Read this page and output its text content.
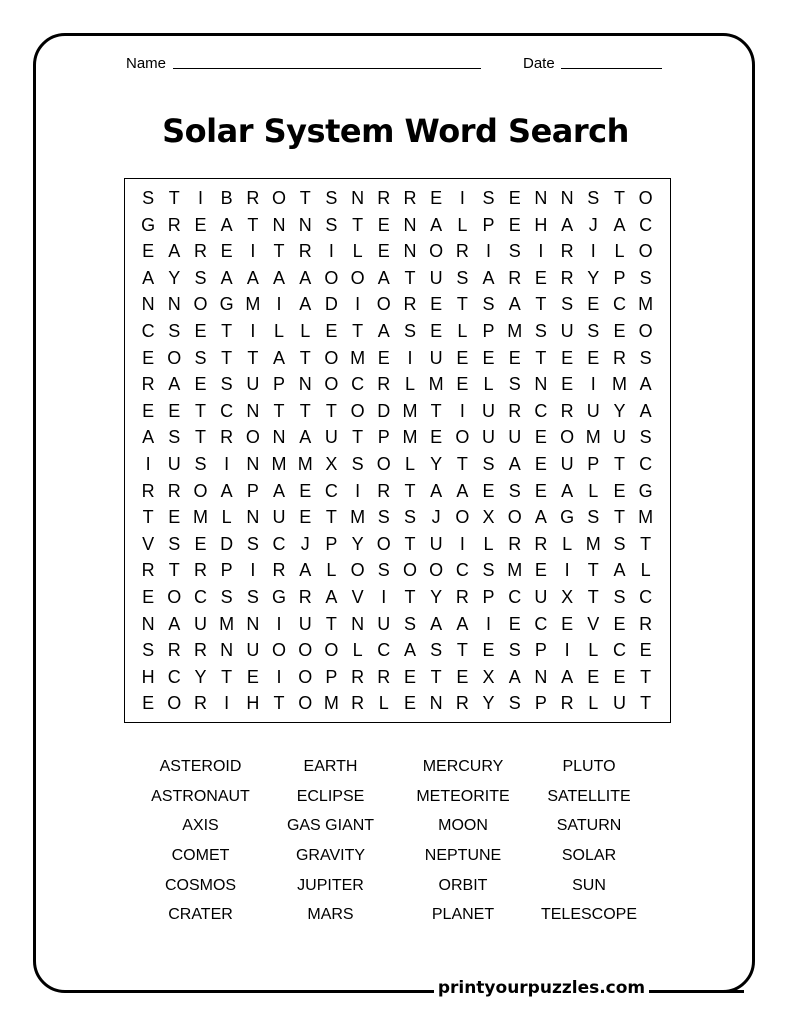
Name	Date
Solar System Word Search
S T	I B R O T S N R R E I S E N N S T O
G R E A T N N S T E N A L P E H A J A C
E A R E I	T R I	L E N O R I S I R I	L O
A Y S A A A A O O A T U S A R E R Y P S
N N O G M I A D I O R E T S A T S E C M
C S E T	I	L L E T A S E L P M S U S E O
E O S T T A T O M E I U E E E T E E R S
R A E S U P N O C R L M E L S N E I M A
E E T C N T T T O D M T	I U R C R U Y A
A S T R O N A U T P M E O U U E O M U S
I U S I N M M X S O L Y T S A E U P T C
R R O A P A E C I R T A A E S E A L E G
T E M L N U E T M S S J O X O A G S T M
V S E D S C J P Y O T U I	L R R L M S T
R T R P I R A L O S O O C S M E I	T A L
E O C S S G R A V I	T Y R P C U X T S C
N A U M N I U T N U S A A I E C E V E R
S R R N U O O O L C A S T E S P I	L C E
H C Y T E I O P R R E T E X A N A E E T
E O R I H T O M R L E N R Y S P R L U T
ASTEROID	EARTH	MERCURY	PLUTO
ASTRONAUT	ECLIPSE	METEORITE	SATELLITE
AXIS	GAS GIANT	MOON	SATURN
COMET	GRAVITY	NEPTUNE	SOLAR
COSMOS	JUPITER	ORBIT	SUN
CRATER	MARS	PLANET	TELESCOPE
printyourpuzzles.com
